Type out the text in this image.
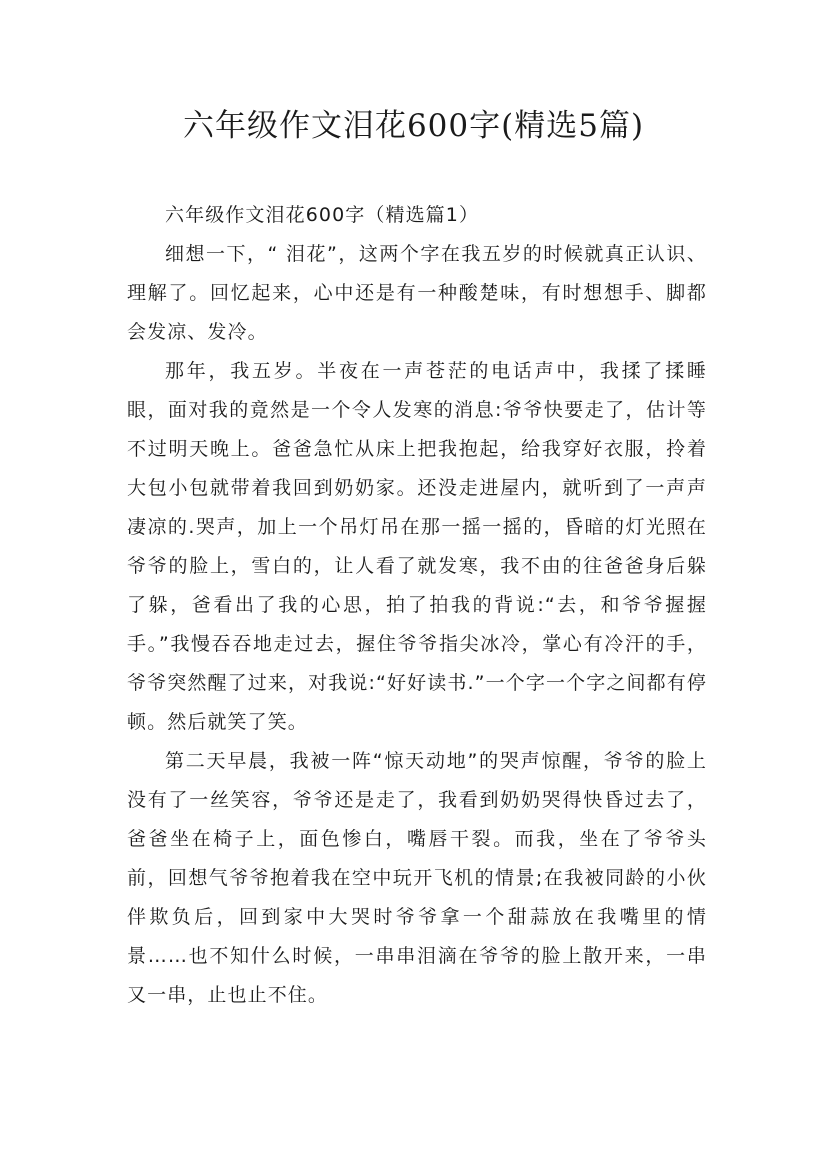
六年级作文泪花600字(精选5篇)

六年级作文泪花600字（精选篇1）

细想一下，“ 泪花”，这两个字在我五岁的时候就真正认识、理解了。回忆起来，心中还是有一种酸楚味，有时想想手、脚都会发凉、发冷。

那年，我五岁。半夜在一声苍茫的电话声中，我揉了揉睡眼，面对我的竟然是一个令人发寒的消息:爷爷快要走了，估计等不过明天晚上。爸爸急忙从床上把我抱起，给我穿好衣服，拎着大包小包就带着我回到奶奶家。还没走进屋内，就听到了一声声凄凉的.哭声，加上一个吊灯吊在那一摇一摇的，昏暗的灯光照在爷爷的脸上，雪白的，让人看了就发寒，我不由的往爸爸身后躲了躲，爸看出了我的心思，拍了拍我的背说:“去，和爷爷握握手。”我慢吞吞地走过去，握住爷爷指尖冰冷，掌心有冷汗的手，爷爷突然醒了过来，对我说:“好好读书.”一个字一个字之间都有停顿。然后就笑了笑。

第二天早晨，我被一阵“惊天动地”的哭声惊醒，爷爷的脸上没有了一丝笑容，爷爷还是走了，我看到奶奶哭得快昏过去了，爸爸坐在椅子上，面色惨白，嘴唇干裂。而我，坐在了爷爷头前，回想气爷爷抱着我在空中玩开飞机的情景;在我被同龄的小伙伴欺负后，回到家中大哭时爷爷拿一个甜蒜放在我嘴里的情景……也不知什么时候，一串串泪滴在爷爷的脸上散开来，一串又一串，止也止不住。
